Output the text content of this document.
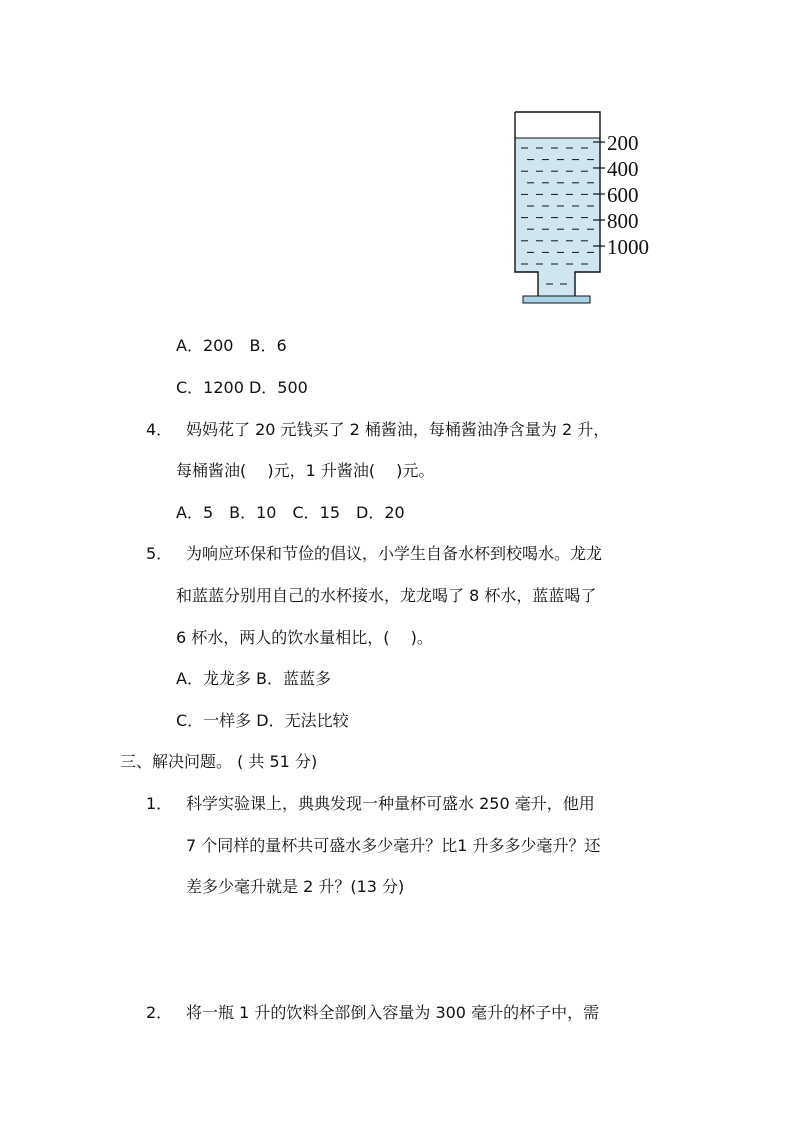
200
400
600
800
1000
A．200　B．6
C．1200 D．500
4． 妈妈花了 20 元钱买了 2 桶酱油，每桶酱油净含量为 2 升，
每桶酱油(　 )元，1 升酱油(　 )元。
A．5　B．10　C．15　D．20
5． 为响应环保和节俭的倡议，小学生自备水杯到校喝水。龙龙
和蓝蓝分别用自己的水杯接水，龙龙喝了 8 杯水，蓝蓝喝了
6 杯水，两人的饮水量相比，(　 )。
A．龙龙多 B．蓝蓝多
C．一样多 D．无法比较
三、解决问题。 ( 共 51 分)
1． 科学实验课上，典典发现一种量杯可盛水 250 毫升，他用
7 个同样的量杯共可盛水多少毫升？比1 升多多少毫升？还
差多少毫升就是 2 升？(13 分)
2． 将一瓶 1 升的饮料全部倒入容量为 300 毫升的杯子中，需
